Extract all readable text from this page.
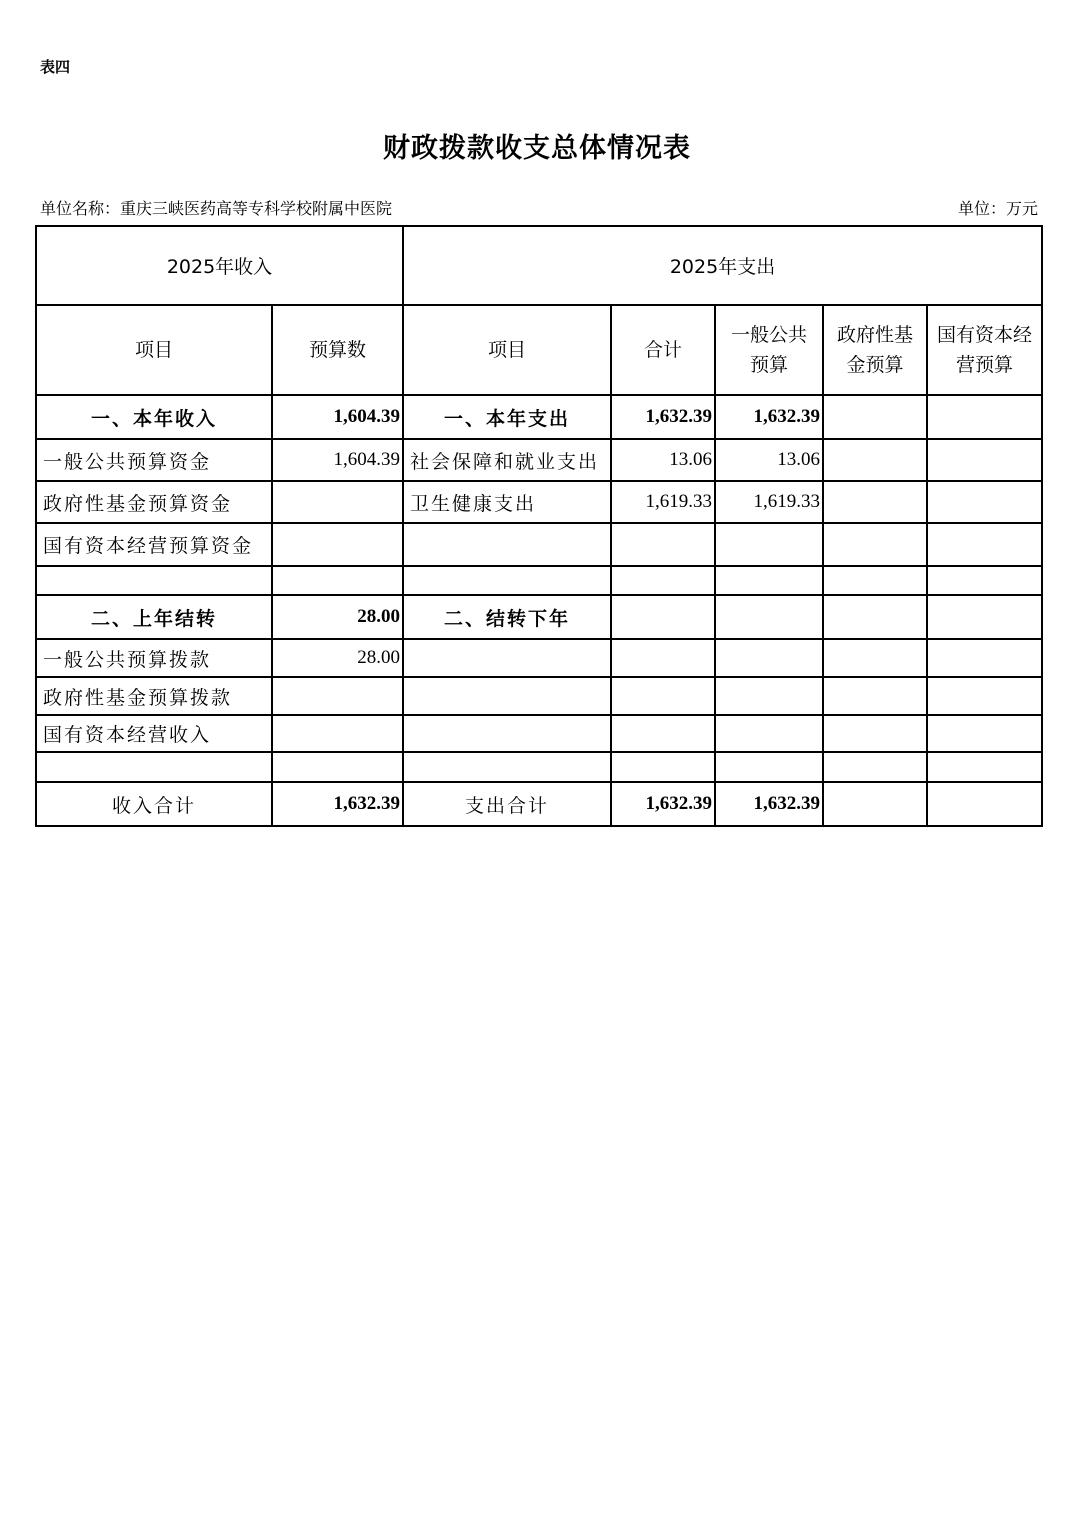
表四
财政拨款收支总体情况表
单位名称：重庆三峡医药高等专科学校附属中医院	单位：万元
2025年收入		2025年支出				
项目	预算数	项目	合计	一般公共预算	政府性基金预算	国有资本经营预算
一、本年收入	1,604.39	一、本年支出	1,632.39	1,632.39		
一般公共预算资金	1,604.39	社会保障和就业支出	13.06	13.06		
政府性基金预算资金		卫生健康支出	1,619.33	1,619.33		
国有资本经营预算资金						

二、上年结转	28.00	二、结转下年				
一般公共预算拨款	28.00					
政府性基金预算拨款						
国有资本经营收入						

收入合计	1,632.39	支出合计	1,632.39	1,632.39		
